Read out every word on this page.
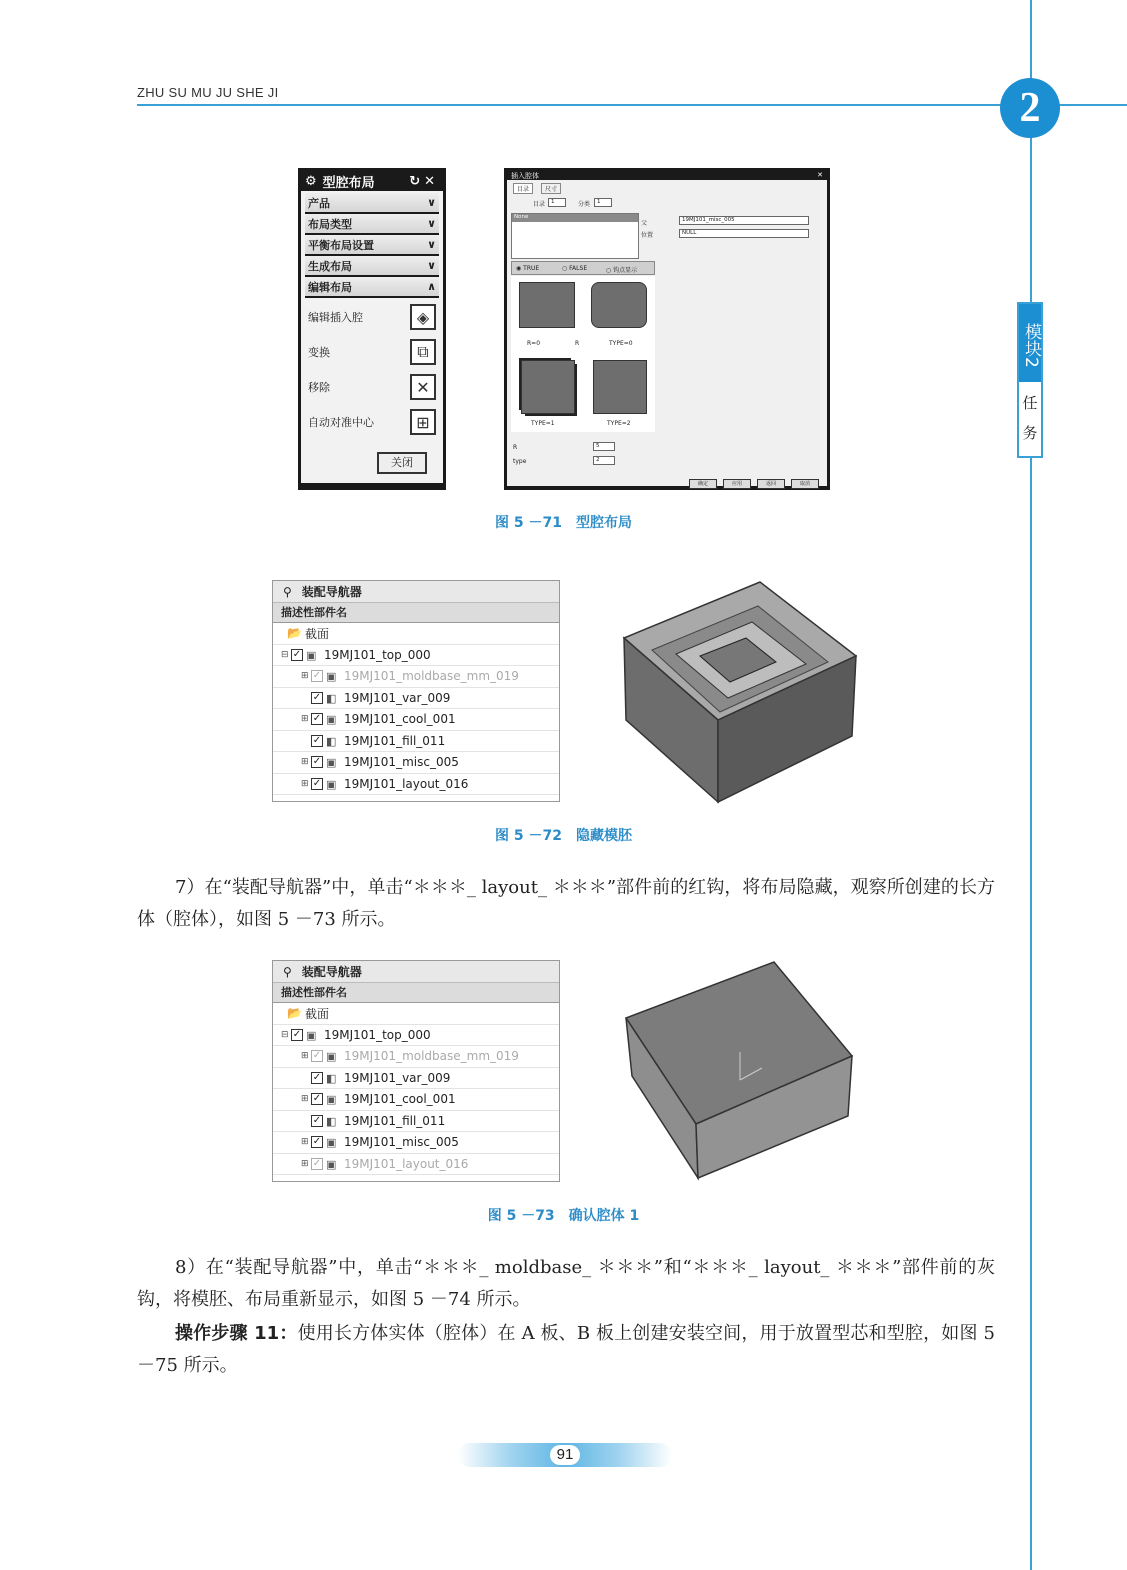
ZHU SU MU JU SHE JI	2
模块2
任
务
⚙ 型腔布局	↻✕
产品	∨
布局类型	∨
平衡布局设置	∨
生成布局	∨
编辑布局	∧
编辑插入腔	◈
变换	⧉
移除	✕
自动对准中心	⊞
关闭
插入腔体	✕
目录	尺寸
目录	1	分类	1
None
父
位置
19MJ101_misc_005
NULL
◉ TRUE	○ FALSE	○ 钩点显示
R=0	R	TYPE=0
TYPE=1	TYPE=2
R	5
type	2
确定	应用	返回	取消
图 5 －71　型腔布局
⚲ 装配导航器
描述性部件名
📂 截面
⊟ ✓ ▣ 19MJ101_top_000
⊞ ✓ ▣ 19MJ101_moldbase_mm_019
✓ ◧ 19MJ101_var_009
⊞ ✓ ▣ 19MJ101_cool_001
✓ ◧ 19MJ101_fill_011
⊞ ✓ ▣ 19MJ101_misc_005
⊞ ✓ ▣ 19MJ101_layout_016
图 5 －72　隐藏模胚
7）在“装配导航器”中，单击“＊＊＊_ layout_ ＊＊＊”部件前的红钩，将布局隐藏，观察所创建的长方体（腔体），如图 5 －73 所示。
⚲ 装配导航器
描述性部件名
📂 截面
⊟ ✓ ▣ 19MJ101_top_000
⊞ ✓ ▣ 19MJ101_moldbase_mm_019
✓ ◧ 19MJ101_var_009
⊞ ✓ ▣ 19MJ101_cool_001
✓ ◧ 19MJ101_fill_011
⊞ ✓ ▣ 19MJ101_misc_005
⊞ ✓ ▣ 19MJ101_layout_016
图 5 －73　确认腔体 1
8）在“装配导航器”中，单击“＊＊＊_ moldbase_ ＊＊＊”和“＊＊＊_ layout_ ＊＊＊”部件前的灰钩，将模胚、布局重新显示，如图 5 －74 所示。
操作步骤 11：使用长方体实体（腔体）在 A 板、B 板上创建安装空间，用于放置型芯和型腔，如图 5 －75 所示。
91
